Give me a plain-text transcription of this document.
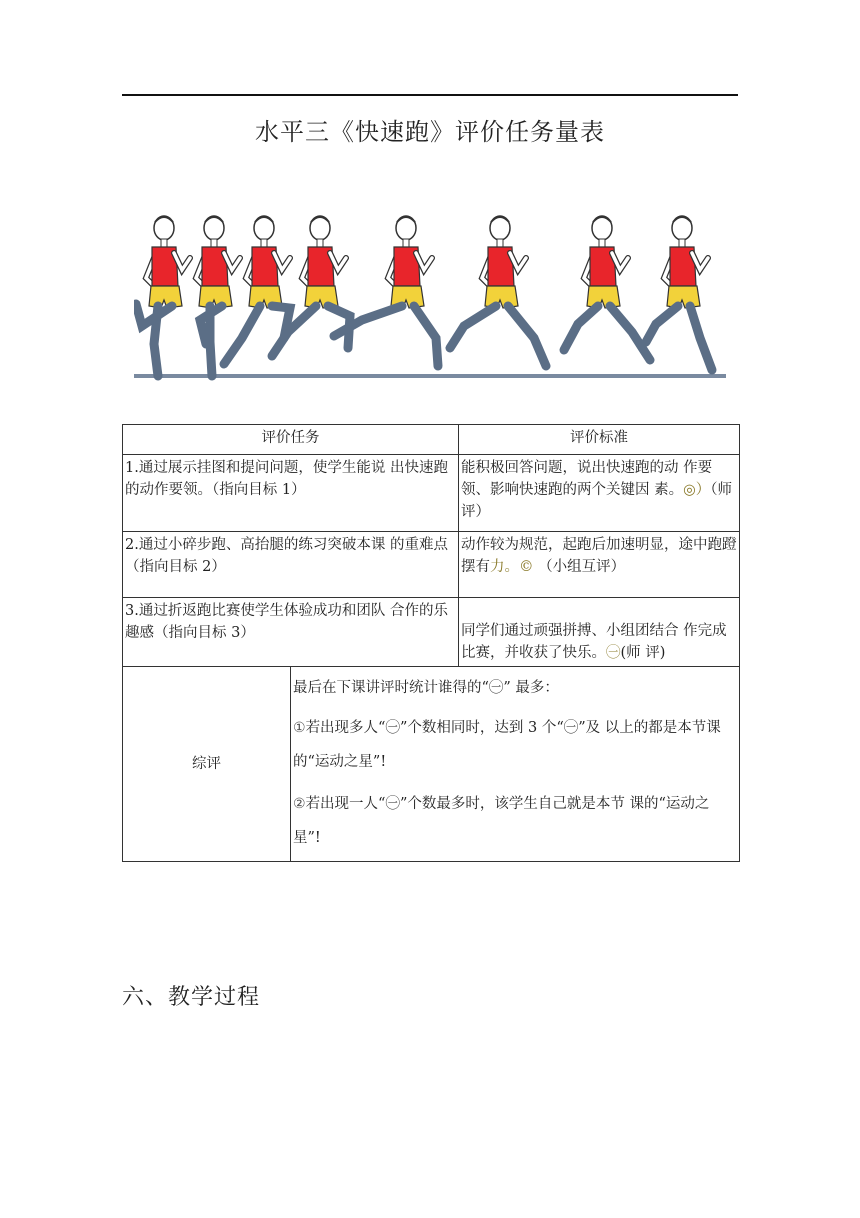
水平三《快速跑》评价任务量表
评价任务		评价标准
1.通过展示挂图和提问问题，使学生能说 出快速跑的动作要领。（指向目标 1）		能积极回答问题，说出快速跑的动 作要领、影响快速跑的两个关键因 素。◎）（师评）
2.通过小碎步跑、高抬腿的练习突破本课 的重难点（指向目标 2）		动作较为规范，起跑后加速明显，途中跑蹬摆有力。© （小组互评）
3.通过折返跑比赛使学生体验成功和团队 合作的乐趣感（指向目标 3）		同学们通过顽强拼搏、小组团结合 作完成比赛，并收获了快乐。㊀(师 评)
综评	最后在下课讲评时统计谁得的“㊀” 最多：

①若出现多人“㊀”个数相同时，达到 3 个“㊀”及 以上的都是本节课的“运动之星”!

②若出现一人“㊀”个数最多时，该学生自己就是本节 课的“运动之星”!	

六、教学过程
